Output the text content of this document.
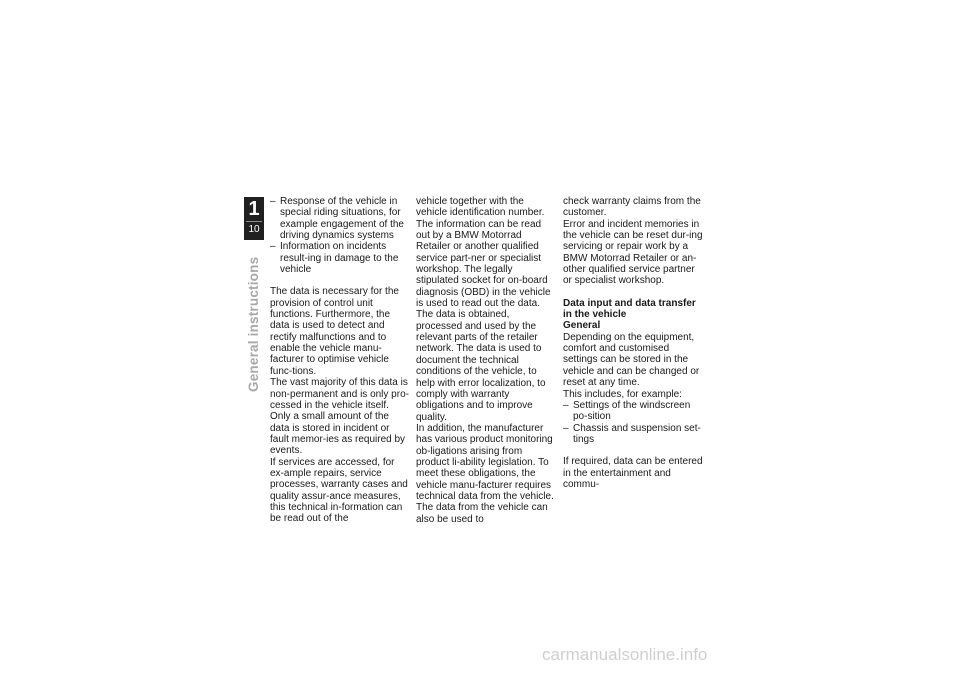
1
10
General instructions
– Response of the vehicle in special riding situations, for example engagement of the driving dynamics systems
– Information on incidents result-ing in damage to the vehicle

The data is necessary for the provision of control unit functions. Furthermore, the data is used to detect and rectify malfunctions and to enable the vehicle manu-facturer to optimise vehicle func-tions.
The vast majority of this data is non-permanent and is only pro-cessed in the vehicle itself. Only a small amount of the data is stored in incident or fault memor-ies as required by events.
If services are accessed, for ex-ample repairs, service processes, warranty cases and quality assur-ance measures, this technical in-formation can be read out of the

vehicle together with the vehicle identification number.
The information can be read out by a BMW Motorrad Retailer or another qualified service part-ner or specialist workshop. The legally stipulated socket for on-board diagnosis (OBD) in the vehicle is used to read out the data.
The data is obtained, processed and used by the relevant parts of the retailer network. The data is used to document the technical conditions of the vehicle, to help with error localization, to comply with warranty obligations and to improve quality.
In addition, the manufacturer has various product monitoring ob-ligations arising from product li-ability legislation. To meet these obligations, the vehicle manu-facturer requires technical data from the vehicle. The data from the vehicle can also be used to

check warranty claims from the customer.
Error and incident memories in the vehicle can be reset dur-ing servicing or repair work by a BMW Motorrad Retailer or an-other qualified service partner or specialist workshop.

Data input and data transfer in the vehicle
General

Depending on the equipment, comfort and customised settings can be stored in the vehicle and can be changed or reset at any time.
This includes, for example:

– Settings of the windscreen po-sition
– Chassis and suspension set-tings

If required, data can be entered in the entertainment and commu-

carmanualsonline.info
